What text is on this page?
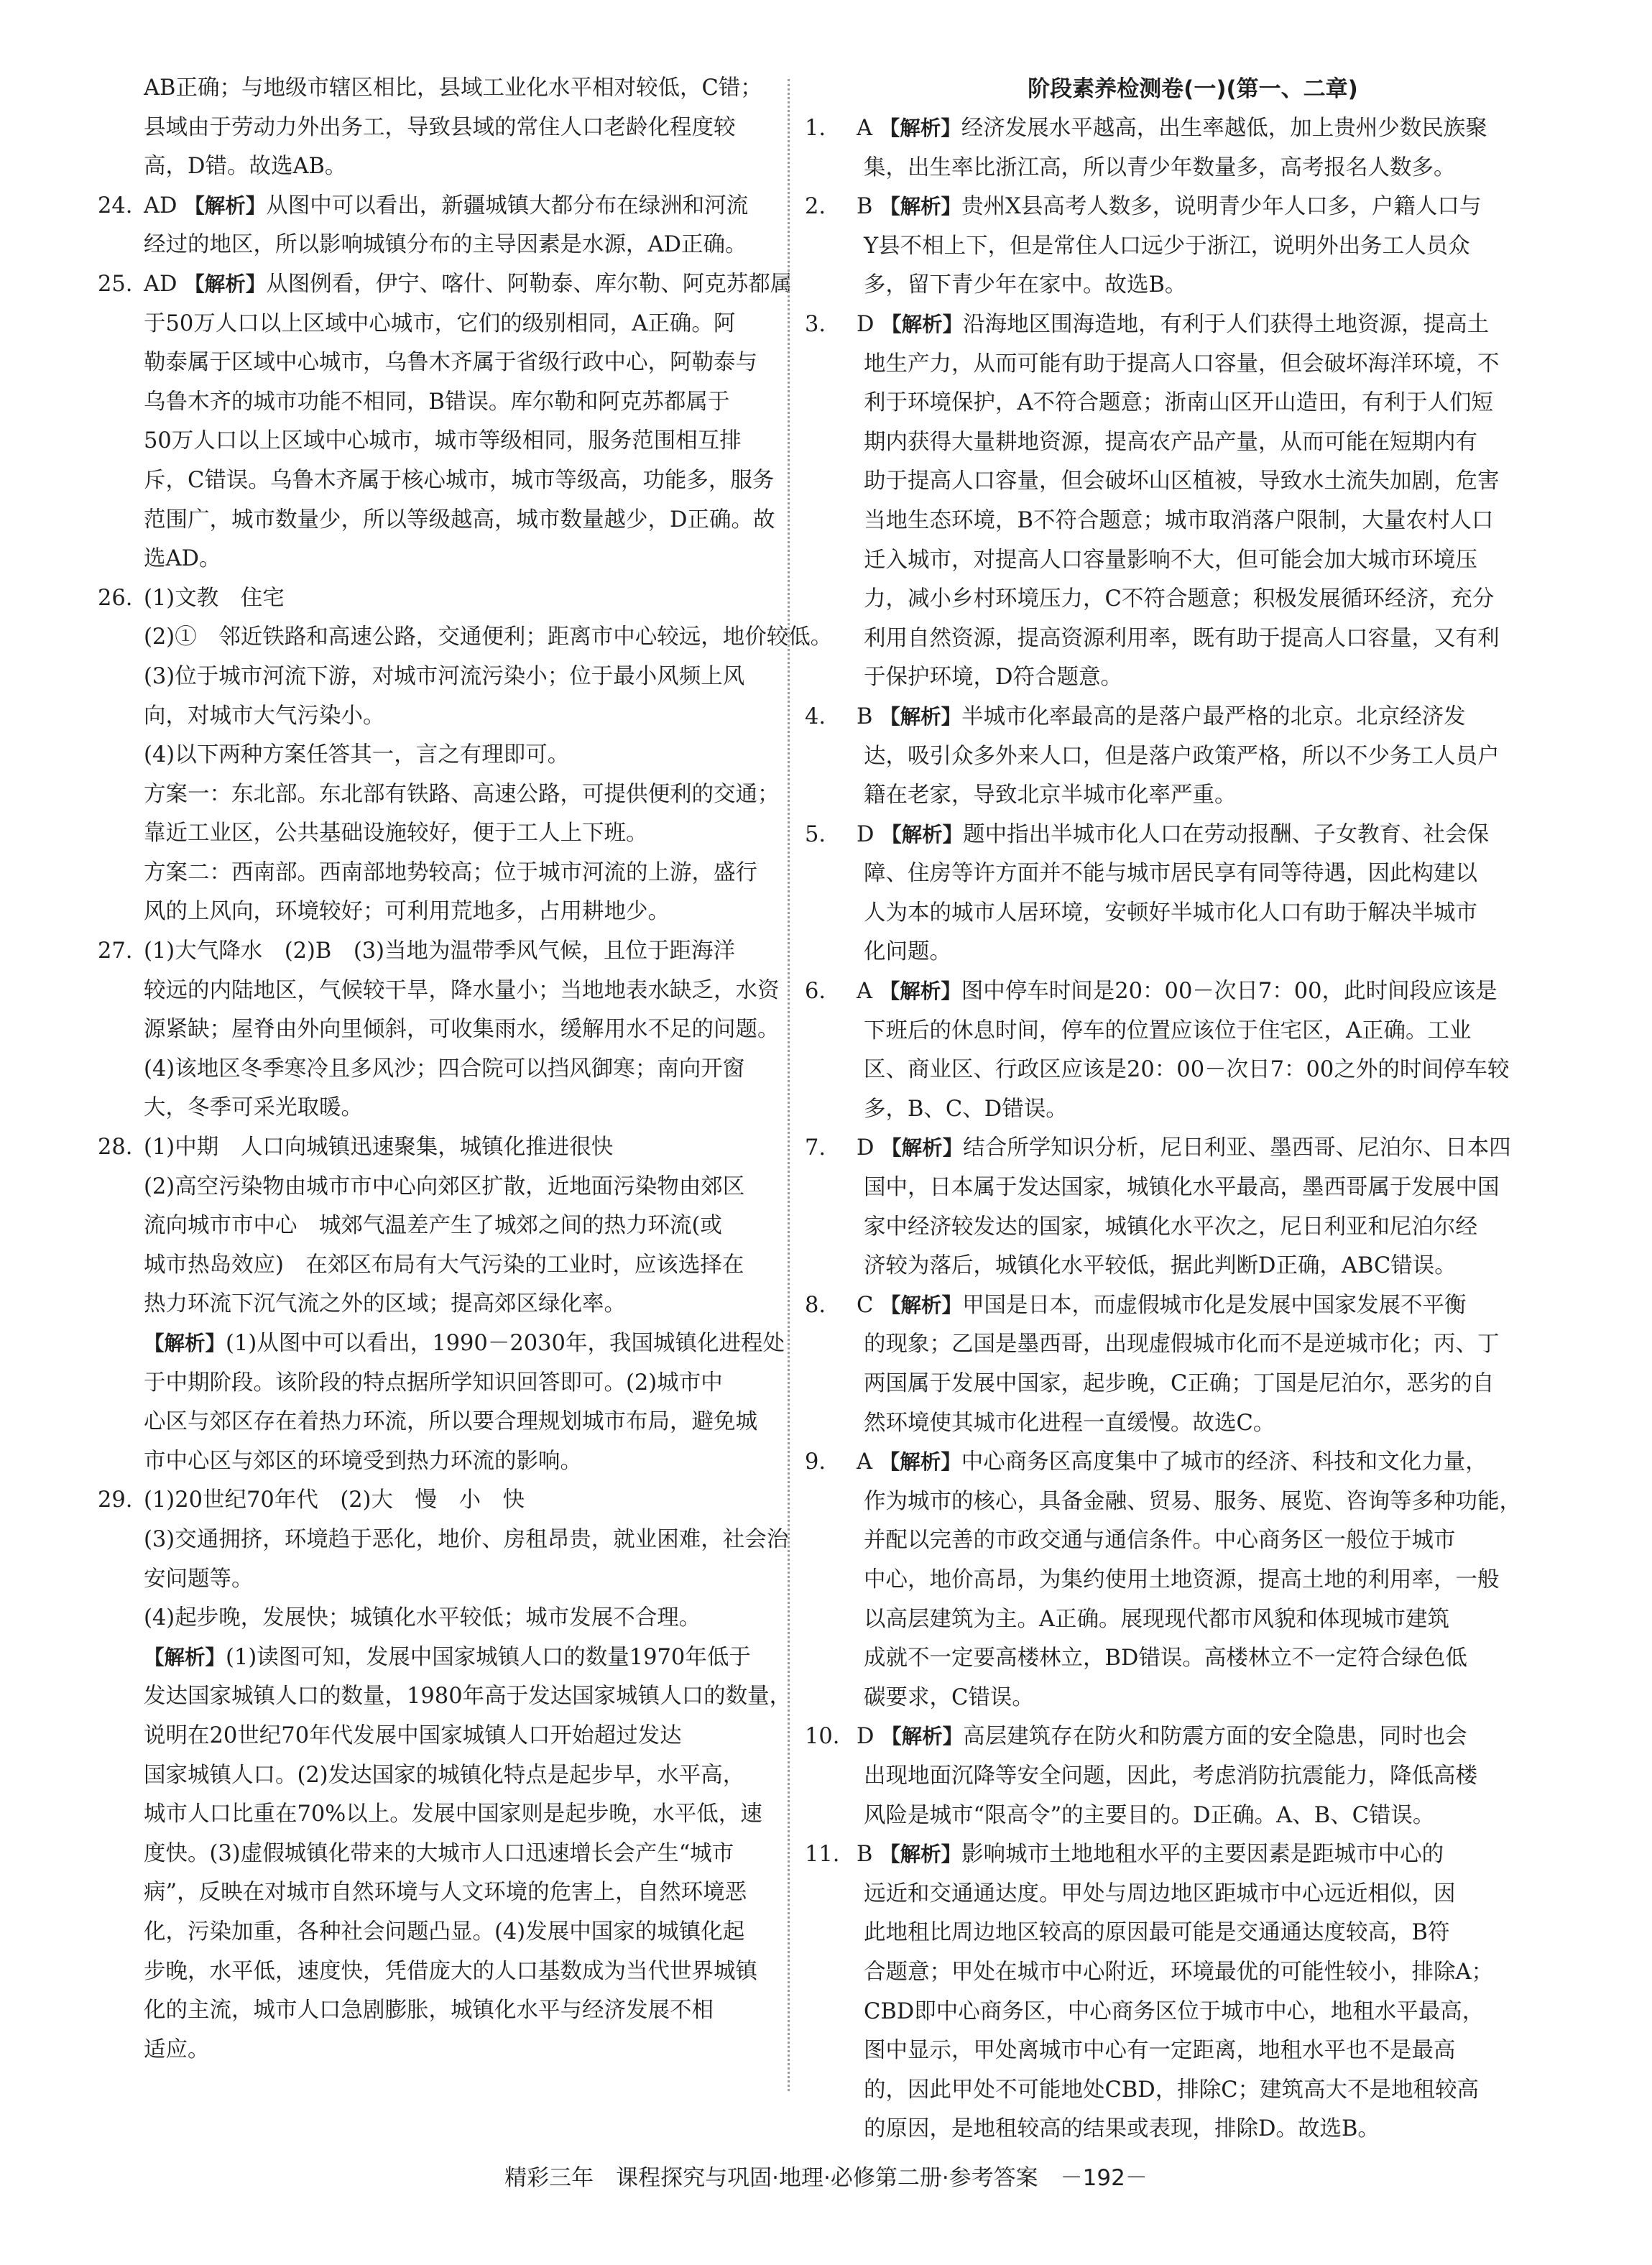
AB正确；与地级市辖区相比，县域工业化水平相对较低，C错；

县域由于劳动力外出务工，导致县域的常住人口老龄化程度较

高，D错。故选AB。

24. AD 【解析】从图中可以看出，新疆城镇大都分布在绿洲和河流

经过的地区，所以影响城镇分布的主导因素是水源，AD正确。

25. AD 【解析】从图例看，伊宁、喀什、阿勒泰、库尔勒、阿克苏都属

于50万人口以上区域中心城市，它们的级别相同，A正确。阿

勒泰属于区域中心城市，乌鲁木齐属于省级行政中心，阿勒泰与

乌鲁木齐的城市功能不相同，B错误。库尔勒和阿克苏都属于

50万人口以上区域中心城市，城市等级相同，服务范围相互排

斥，C错误。乌鲁木齐属于核心城市，城市等级高，功能多，服务

范围广，城市数量少，所以等级越高，城市数量越少，D正确。故

选AD。

26. (1)文教　住宅

(2)①　邻近铁路和高速公路，交通便利；距离市中心较远，地价较低。

(3)位于城市河流下游，对城市河流污染小；位于最小风频上风

向，对城市大气污染小。

(4)以下两种方案任答其一，言之有理即可。

方案一：东北部。东北部有铁路、高速公路，可提供便利的交通；

靠近工业区，公共基础设施较好，便于工人上下班。

方案二：西南部。西南部地势较高；位于城市河流的上游，盛行

风的上风向，环境较好；可利用荒地多，占用耕地少。

27. (1)大气降水　(2)B　(3)当地为温带季风气候，且位于距海洋

较远的内陆地区，气候较干旱，降水量小；当地地表水缺乏，水资

源紧缺；屋脊由外向里倾斜，可收集雨水，缓解用水不足的问题。

(4)该地区冬季寒冷且多风沙；四合院可以挡风御寒；南向开窗

大，冬季可采光取暖。

28. (1)中期　人口向城镇迅速聚集，城镇化推进很快

(2)高空污染物由城市市中心向郊区扩散，近地面污染物由郊区

流向城市市中心　城郊气温差产生了城郊之间的热力环流(或

城市热岛效应)　在郊区布局有大气污染的工业时，应该选择在

热力环流下沉气流之外的区域；提高郊区绿化率。

【解析】(1)从图中可以看出，1990－2030年，我国城镇化进程处

于中期阶段。该阶段的特点据所学知识回答即可。(2)城市中

心区与郊区存在着热力环流，所以要合理规划城市布局，避免城

市中心区与郊区的环境受到热力环流的影响。

29. (1)20世纪70年代　(2)大　慢　小　快

(3)交通拥挤，环境趋于恶化，地价、房租昂贵，就业困难，社会治

安问题等。

(4)起步晚，发展快；城镇化水平较低；城市发展不合理。

【解析】(1)读图可知，发展中国家城镇人口的数量1970年低于

发达国家城镇人口的数量，1980年高于发达国家城镇人口的数量，

说明在20世纪70年代发展中国家城镇人口开始超过发达

国家城镇人口。(2)发达国家的城镇化特点是起步早，水平高，

城市人口比重在70%以上。发展中国家则是起步晚，水平低，速

度快。(3)虚假城镇化带来的大城市人口迅速增长会产生“城市

病”，反映在对城市自然环境与人文环境的危害上，自然环境恶

化，污染加重，各种社会问题凸显。(4)发展中国家的城镇化起

步晚，水平低，速度快，凭借庞大的人口基数成为当代世界城镇

化的主流，城市人口急剧膨胀，城镇化水平与经济发展不相

适应。

阶段素养检测卷(一)(第一、二章)

1. A 【解析】经济发展水平越高，出生率越低，加上贵州少数民族聚

集，出生率比浙江高，所以青少年数量多，高考报名人数多。

2. B 【解析】贵州X县高考人数多，说明青少年人口多，户籍人口与

Y县不相上下，但是常住人口远少于浙江，说明外出务工人员众

多，留下青少年在家中。故选B。

3. D 【解析】沿海地区围海造地，有利于人们获得土地资源，提高土

地生产力，从而可能有助于提高人口容量，但会破坏海洋环境，不

利于环境保护，A不符合题意；浙南山区开山造田，有利于人们短

期内获得大量耕地资源，提高农产品产量，从而可能在短期内有

助于提高人口容量，但会破坏山区植被，导致水土流失加剧，危害

当地生态环境，B不符合题意；城市取消落户限制，大量农村人口

迁入城市，对提高人口容量影响不大，但可能会加大城市环境压

力，减小乡村环境压力，C不符合题意；积极发展循环经济，充分

利用自然资源，提高资源利用率，既有助于提高人口容量，又有利

于保护环境，D符合题意。

4. B 【解析】半城市化率最高的是落户最严格的北京。北京经济发

达，吸引众多外来人口，但是落户政策严格，所以不少务工人员户

籍在老家，导致北京半城市化率严重。

5. D 【解析】题中指出半城市化人口在劳动报酬、子女教育、社会保

障、住房等许方面并不能与城市居民享有同等待遇，因此构建以

人为本的城市人居环境，安顿好半城市化人口有助于解决半城市

化问题。

6. A 【解析】图中停车时间是20：00－次日7：00，此时间段应该是

下班后的休息时间，停车的位置应该位于住宅区，A正确。工业

区、商业区、行政区应该是20：00－次日7：00之外的时间停车较

多，B、C、D错误。

7. D 【解析】结合所学知识分析，尼日利亚、墨西哥、尼泊尔、日本四

国中，日本属于发达国家，城镇化水平最高，墨西哥属于发展中国

家中经济较发达的国家，城镇化水平次之，尼日利亚和尼泊尔经

济较为落后，城镇化水平较低，据此判断D正确，ABC错误。

8. C 【解析】甲国是日本，而虚假城市化是发展中国家发展不平衡

的现象；乙国是墨西哥，出现虚假城市化而不是逆城市化；丙、丁

两国属于发展中国家，起步晚，C正确；丁国是尼泊尔，恶劣的自

然环境使其城市化进程一直缓慢。故选C。

9. A 【解析】中心商务区高度集中了城市的经济、科技和文化力量，

作为城市的核心，具备金融、贸易、服务、展览、咨询等多种功能，

并配以完善的市政交通与通信条件。中心商务区一般位于城市

中心，地价高昂，为集约使用土地资源，提高土地的利用率，一般

以高层建筑为主。A正确。展现现代都市风貌和体现城市建筑

成就不一定要高楼林立，BD错误。高楼林立不一定符合绿色低

碳要求，C错误。

10. D 【解析】高层建筑存在防火和防震方面的安全隐患，同时也会

出现地面沉降等安全问题，因此，考虑消防抗震能力，降低高楼

风险是城市“限高令”的主要目的。D正确。A、B、C错误。

11. B 【解析】影响城市土地地租水平的主要因素是距城市中心的

远近和交通通达度。甲处与周边地区距城市中心远近相似，因

此地租比周边地区较高的原因最可能是交通通达度较高，B符

合题意；甲处在城市中心附近，环境最优的可能性较小，排除A；

CBD即中心商务区，中心商务区位于城市中心，地租水平最高，

图中显示，甲处离城市中心有一定距离，地租水平也不是最高

的，因此甲处不可能地处CBD，排除C；建筑高大不是地租较高

的原因，是地租较高的结果或表现，排除D。故选B。

精彩三年　课程探究与巩固·地理·必修第二册·参考答案　－192－
